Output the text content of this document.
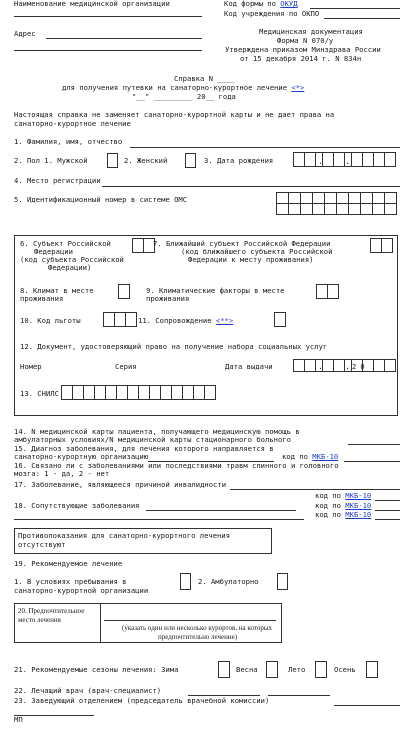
Наименование медицинской организации	Код формы по ОКУД
Код учреждения по ОКПО
Адрес	Медицинская документация
Форма N 070/у
Утверждена приказом Минздрава России
от 15 декабря 2014 г. N 834н
Справка N ____
для получения путевки на санаторно-курортное лечение <*>
"__" _________ 20__ года
Настоящая справка не заменяет санаторно-курортной карты и не дает права на
санаторно-курортное лечение
1. Фамилия, имя, отчество
2. Пол 1. Мужской	2. Женский	3. Дата рождения	.	.
4. Место регистрации
5. Идентификационный номер в системе ОМС
6. Субъект Российской
Федерации
(код субъекта Российской
Федерации)
7. Ближайший субъект Российской Федерации
(код ближайшего субъекта Российской
Федерации к месту проживания)
8. Климат в месте
проживания
9. Климатические факторы в месте
проживания
10. Код льготы	11. Сопровождение <**>
12. Документ, удостоверяющий право на получение набора социальных услуг
Номер	Серия	Дата выдачи	.	. 2 0
13. СНИЛС
14. N медицинской карты пациента, получающего медицинскую помощь в
амбулаторных условиях/N медицинской карты стационарного больного
15. Диагноз заболевания, для лечения которого направляется в
санаторно-курортную организацию	код по МКБ-10
16. Связано ли с заболеваниями или последствиями травм спинного и головного
мозга: 1 - да, 2 - нет
17. Заболевание, являющееся причиной инвалидности
код по МКБ-10
18. Сопутствующие заболевания	код по МКБ-10
код по МКБ-10
Противопоказания для санаторно-курортного лечения
отсутствуют
19. Рекомендуемое лечение
1. В условиях пребывания в
санаторно-курортной организации
2. Амбулаторно
20. Предпочтительное
место лечения
(указать один или несколько курортов, на которых
предпочтительно лечение)
21. Рекомендуемые сезоны лечения: Зима	Весна	Лето	Осень
22. Лечащий врач (врач-специалист)
23. Заведующий отделением (председатель врачебной комиссии)
МП
